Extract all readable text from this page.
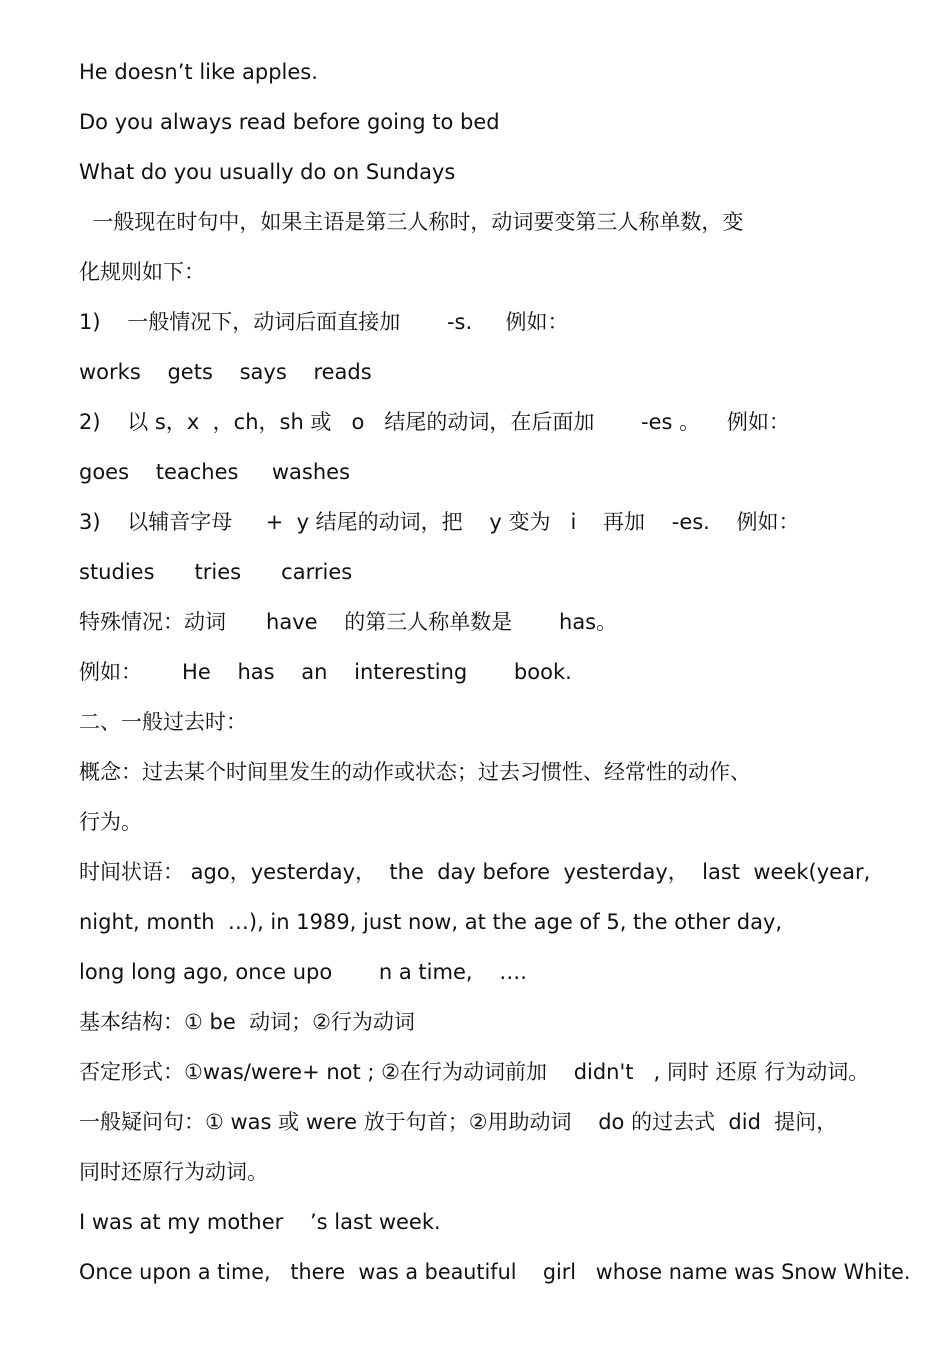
He doesn’t like apples.
Do you always read before going to bed
What do you usually do on Sundays
一般现在时句中，如果主语是第三人称时，动词要变第三人称单数，变
化规则如下：
1)    一般情况下，动词后面直接加       -s.     例如：
works    gets    says    reads
2)    以 s，x  ，ch，sh 或   o   结尾的动词，在后面加       -es 。    例如：
goes    teaches     washes
3)    以辅音字母     +  y 结尾的动词，把    y 变为   i    再加    -es.    例如：
studies      tries      carries
特殊情况：动词      have    的第三人称单数是       has。
例如：      He    has    an    interesting       book.
二、一般过去时：
概念：过去某个时间里发生的动作或状态；过去习惯性、经常性的动作、
行为。
时间状语： ago，yesterday，  the  day before  yesterday，  last  week(year,
night, month  …), in 1989, just now, at the age of 5, the other day,
long long ago, once upo       n a time,    ….
基本结构：① be  动词；②行为动词
否定形式：①was/were+ not ; ②在行为动词前加    didn't   , 同时 还原 行为动词。
一般疑问句：① was 或 were 放于句首；②用助动词    do 的过去式  did  提问，
同时还原行为动词。
I was at my mother    ’s last week.
Once upon a time,   there  was a beautiful    girl   whose name was Snow White.
